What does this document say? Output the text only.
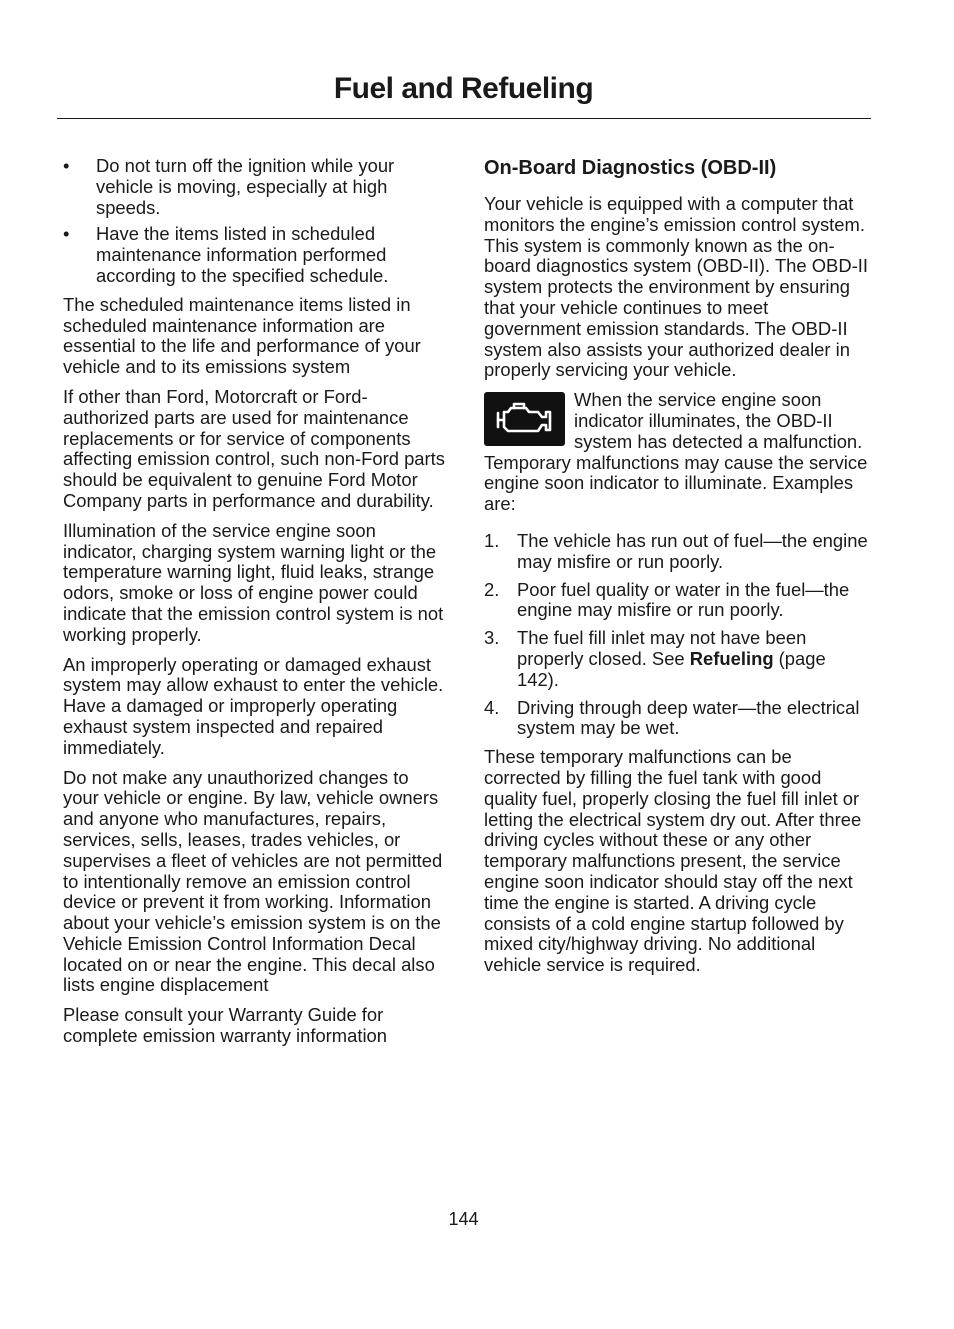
Fuel and Refueling
• Do not turn off the ignition while your vehicle is moving, especially at high speeds.
• Have the items listed in scheduled maintenance information performed according to the specified schedule.

The scheduled maintenance items listed in scheduled maintenance information are essential to the life and performance of your vehicle and to its emissions system

If other than Ford, Motorcraft or Ford-authorized parts are used for maintenance replacements or for service of components affecting emission control, such non-Ford parts should be equivalent to genuine Ford Motor Company parts in performance and durability.

Illumination of the service engine soon indicator, charging system warning light or the temperature warning light, fluid leaks, strange odors, smoke or loss of engine power could indicate that the emission control system is not working properly.

An improperly operating or damaged exhaust system may allow exhaust to enter the vehicle. Have a damaged or improperly operating exhaust system inspected and repaired immediately.

Do not make any unauthorized changes to your vehicle or engine. By law, vehicle owners and anyone who manufactures, repairs, services, sells, leases, trades vehicles, or supervises a fleet of vehicles are not permitted to intentionally remove an emission control device or prevent it from working. Information about your vehicle’s emission system is on the Vehicle Emission Control Information Decal located on or near the engine. This decal also lists engine displacement

Please consult your Warranty Guide for complete emission warranty information

On-Board Diagnostics (OBD-II)

Your vehicle is equipped with a computer that monitors the engine’s emission control system. This system is commonly known as the on-board diagnostics system (OBD-II). The OBD-II system protects the environment by ensuring that your vehicle continues to meet government emission standards. The OBD-II system also assists your authorized dealer in properly servicing your vehicle.

When the service engine soon indicator illuminates, the OBD-II system has detected a malfunction. Temporary malfunctions may cause the service engine soon indicator to illuminate. Examples are:
1. The vehicle has run out of fuel—the engine may misfire or run poorly.
2. Poor fuel quality or water in the fuel—the engine may misfire or run poorly.
3. The fuel fill inlet may not have been properly closed. See Refueling (page 142).
4. Driving through deep water—the electrical system may be wet.

These temporary malfunctions can be corrected by filling the fuel tank with good quality fuel, properly closing the fuel fill inlet or letting the electrical system dry out. After three driving cycles without these or any other temporary malfunctions present, the service engine soon indicator should stay off the next time the engine is started. A driving cycle consists of a cold engine startup followed by mixed city/highway driving. No additional vehicle service is required.

144
